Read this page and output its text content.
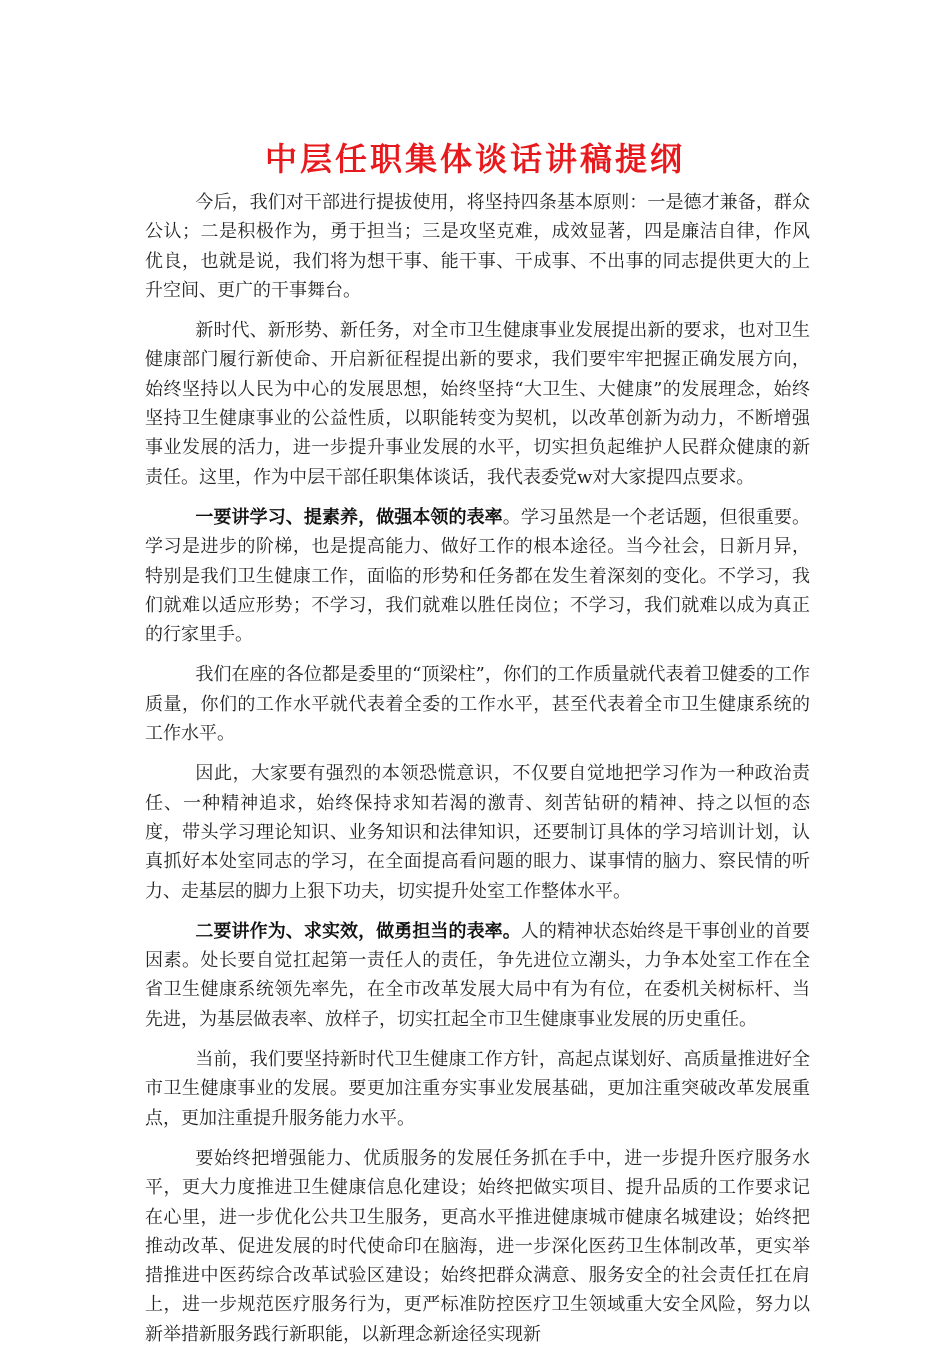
中层任职集体谈话讲稿提纲

今后，我们对干部进行提拔使用，将坚持四条基本原则：一是德才兼备，群众公认；二是积极作为，勇于担当；三是攻坚克难，成效显著，四是廉洁自律，作风优良，也就是说，我们将为想干事、能干事、干成事、不出事的同志提供更大的上升空间、更广的干事舞台。

新时代、新形势、新任务，对全市卫生健康事业发展提出新的要求，也对卫生健康部门履行新使命、开启新征程提出新的要求，我们要牢牢把握正确发展方向，始终坚持以人民为中心的发展思想，始终坚持“大卫生、大健康”的发展理念，始终坚持卫生健康事业的公益性质，以职能转变为契机，以改革创新为动力，不断增强事业发展的活力，进一步提升事业发展的水平，切实担负起维护人民群众健康的新责任。这里，作为中层干部任职集体谈话，我代表委党w对大家提四点要求。

一要讲学习、提素养，做强本领的表率。学习虽然是一个老话题，但很重要。学习是进步的阶梯，也是提高能力、做好工作的根本途径。当今社会，日新月异，特别是我们卫生健康工作，面临的形势和任务都在发生着深刻的变化。不学习，我们就难以适应形势；不学习，我们就难以胜任岗位；不学习，我们就难以成为真正的行家里手。

我们在座的各位都是委里的“顶梁柱”，你们的工作质量就代表着卫健委的工作质量，你们的工作水平就代表着全委的工作水平，甚至代表着全市卫生健康系统的工作水平。

因此，大家要有强烈的本领恐慌意识，不仅要自觉地把学习作为一种政治责任、一种精神追求，始终保持求知若渴的激青、刻苦钻研的精神、持之以恒的态度，带头学习理论知识、业务知识和法律知识，还要制订具体的学习培训计划，认真抓好本处室同志的学习，在全面提高看问题的眼力、谋事情的脑力、察民情的听力、走基层的脚力上狠下功夫，切实提升处室工作整体水平。

二要讲作为、求实效，做勇担当的表率。人的精神状态始终是干事创业的首要因素。处长要自觉扛起第一责任人的责任，争先进位立潮头，力争本处室工作在全省卫生健康系统领先率先，在全市改革发展大局中有为有位，在委机关树标杆、当先进，为基层做表率、放样子，切实扛起全市卫生健康事业发展的历史重任。

当前，我们要坚持新时代卫生健康工作方针，高起点谋划好、高质量推进好全市卫生健康事业的发展。要更加注重夯实事业发展基础，更加注重突破改革发展重点，更加注重提升服务能力水平。

要始终把增强能力、优质服务的发展任务抓在手中，进一步提升医疗服务水平，更大力度推进卫生健康信息化建设；始终把做实项目、提升品质的工作要求记在心里，进一步优化公共卫生服务，更高水平推进健康城市健康名城建设；始终把推动改革、促进发展的时代使命印在脑海，进一步深化医药卫生体制改革，更实举措推进中医药综合改革试验区建设；始终把群众满意、服务安全的社会责任扛在肩上，进一步规范医疗服务行为，更严标准防控医疗卫生领域重大安全风险，努力以新举措新服务践行新职能，以新理念新途径实现新
